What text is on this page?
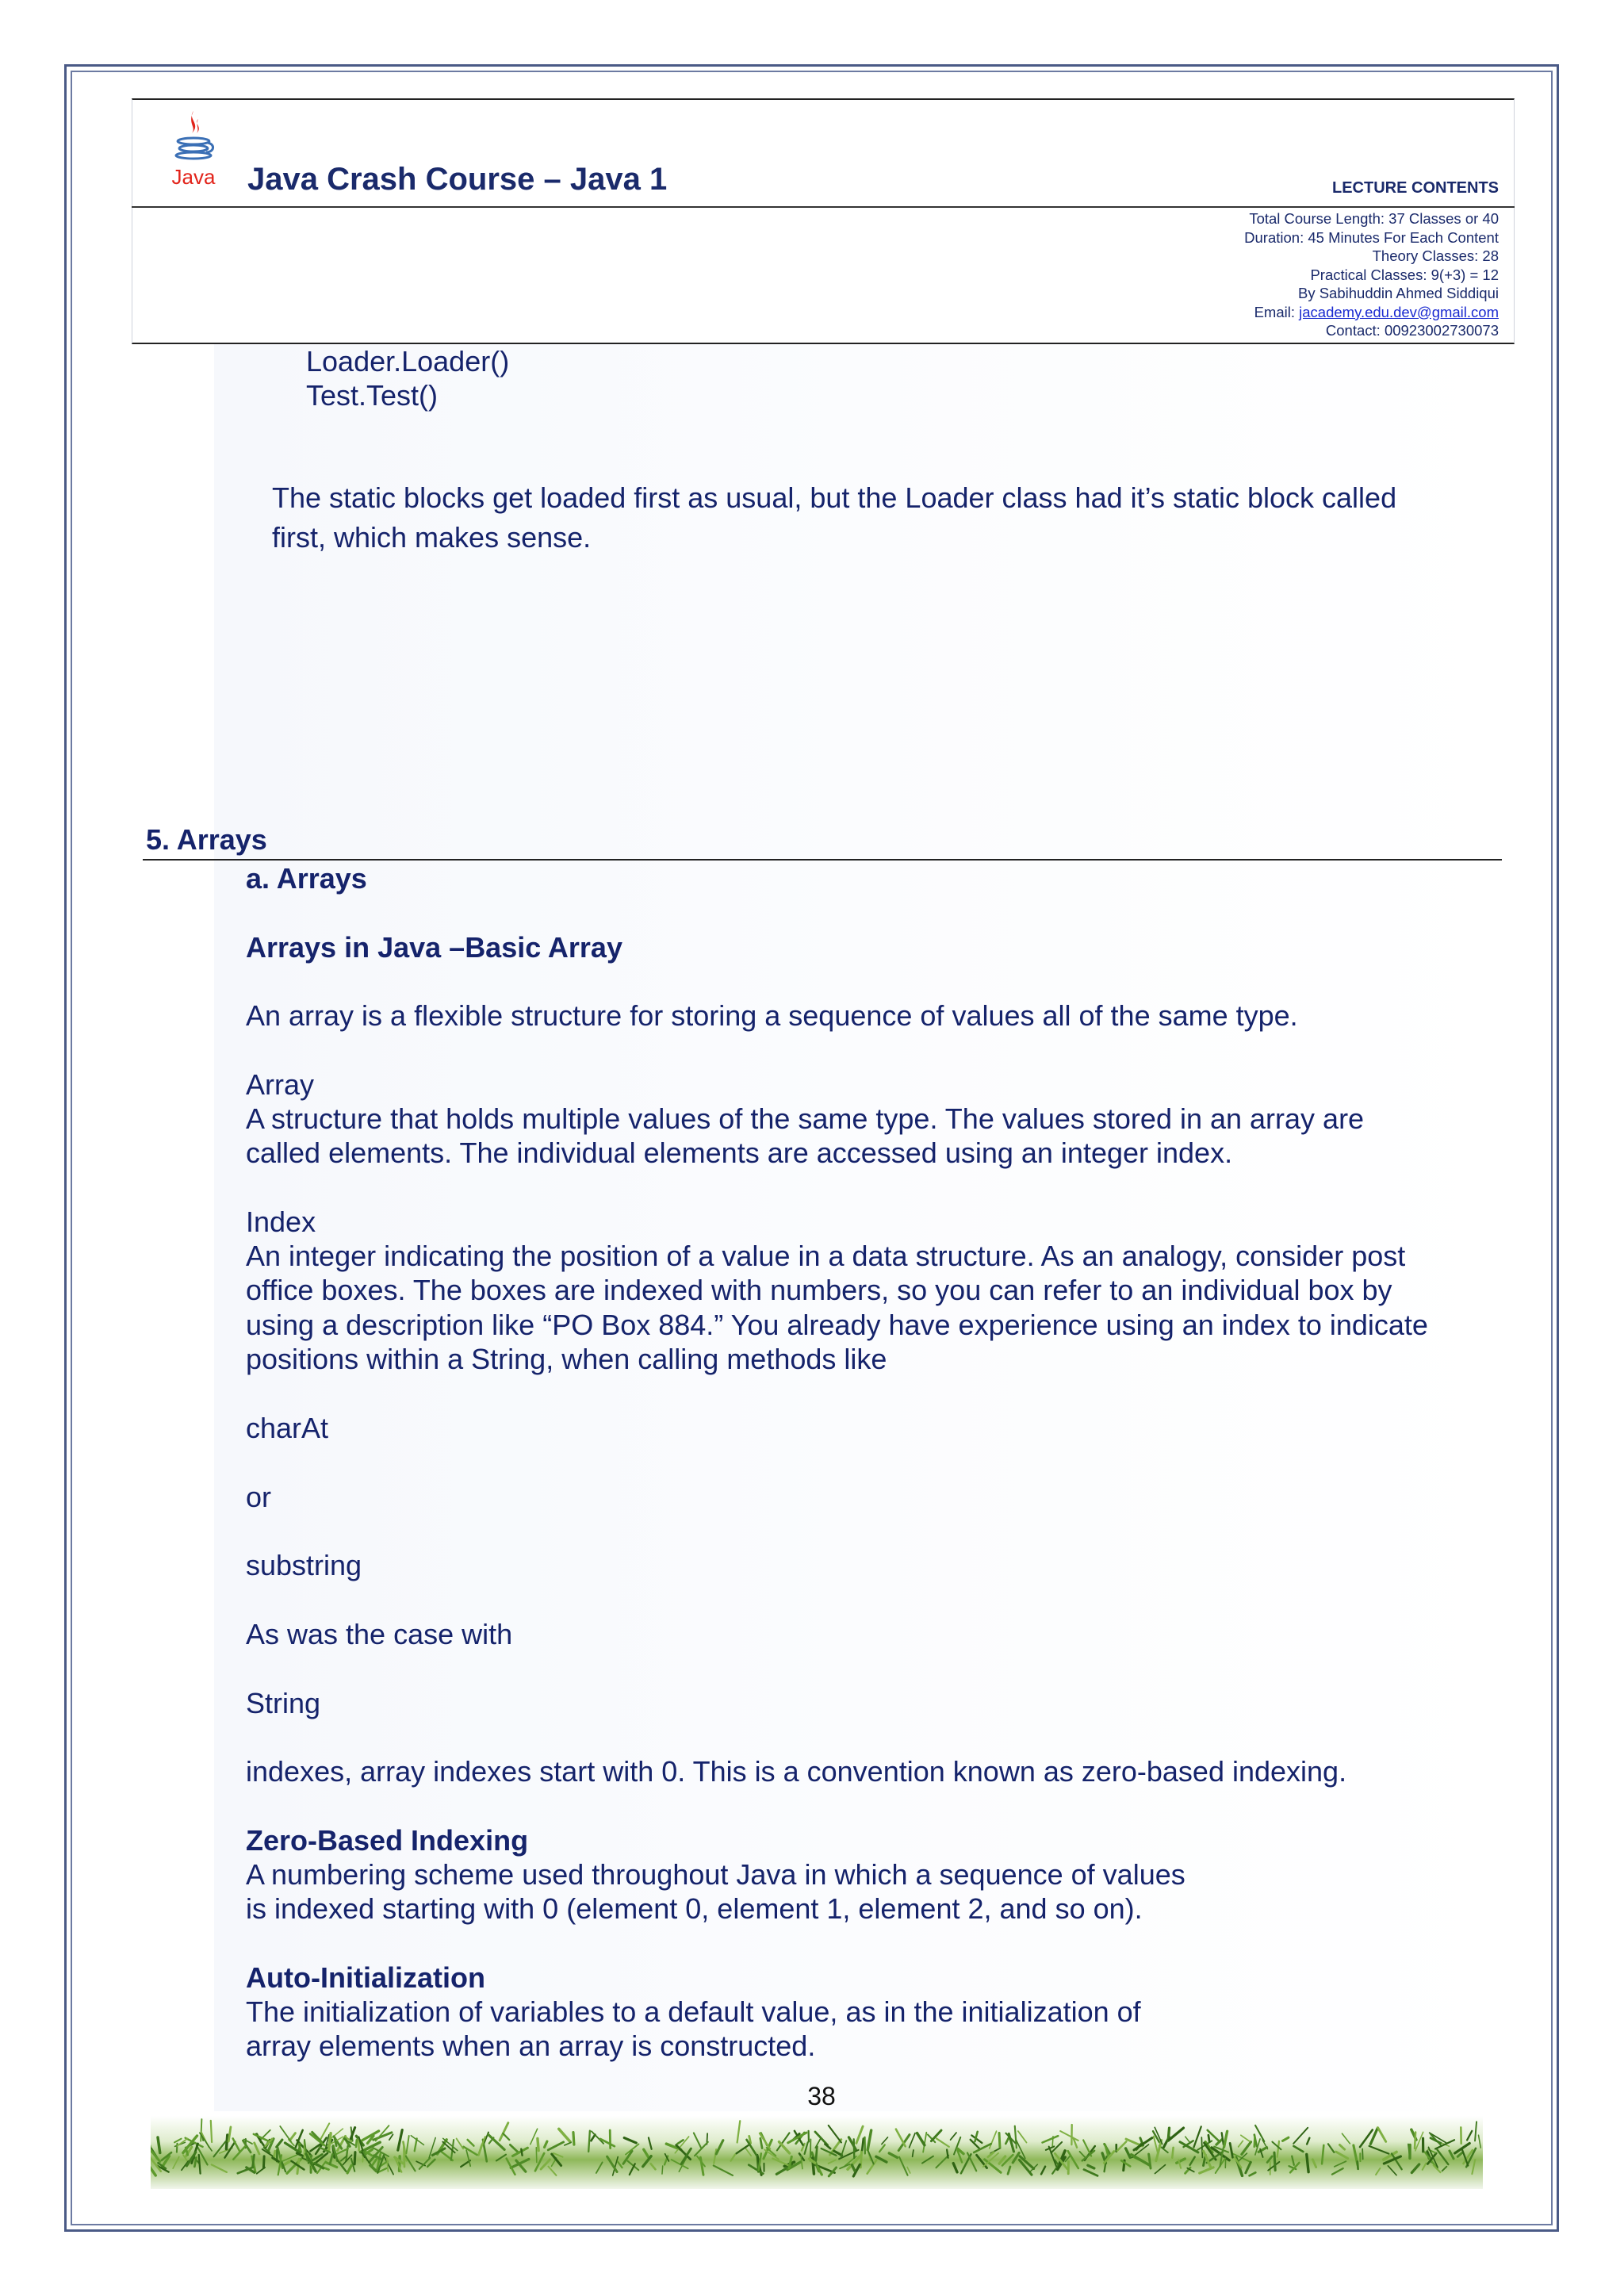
Java Java Crash Course – Java 1	LECTURE CONTENTS
Total Course Length: 37 Classes or 40
Duration: 45 Minutes For Each Content
Theory Classes: 28
Practical Classes: 9(+3) = 12
By Sabihuddin Ahmed Siddiqui
Email: jacademy.edu.dev@gmail.com
Contact: 00923002730073
Loader.Loader()
Test.Test()
The static blocks get loaded first as usual, but the Loader class had it’s static block called
first, which makes sense.
5. Arrays
a. Arrays
Arrays in Java –Basic Array
An array is a flexible structure for storing a sequence of values all of the same type.
Array
A structure that holds multiple values of the same type. The values stored in an array are
called elements. The individual elements are accessed using an integer index.
Index
An integer indicating the position of a value in a data structure. As an analogy, consider post
office boxes. The boxes are indexed with numbers, so you can refer to an individual box by
using a description like “PO Box 884.” You already have experience using an index to indicate
positions within a String, when calling methods like
charAt
or
substring
As was the case with
String
indexes, array indexes start with 0. This is a convention known as zero-based indexing.
Zero-Based Indexing
A numbering scheme used throughout Java in which a sequence of values
is indexed starting with 0 (element 0, element 1, element 2, and so on).
Auto-Initialization
The initialization of variables to a default value, as in the initialization of
array elements when an array is constructed.
38
